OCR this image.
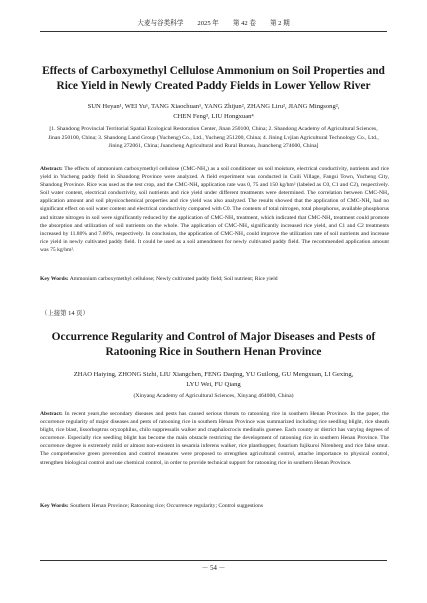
大麦与谷类科学 2025 年 第 42 卷 第 2 期
Effects of Carboxymethyl Cellulose Ammonium on Soil Properties and Rice Yield in Newly Created Paddy Fields in Lower Yellow River
SUN Heyan¹, WEI Yu¹, TANG Xiaochuan¹, YANG Zhijun², ZHANG Liru², JIANG Mingsong²,
CHEN Feng³, LIU Hongxuan⁴
[1. Shandong Provincial Territorial Spatial Ecological Restoration Center, Jinan 250100, China; 2. Shandong Academy of Agricultural Sciences, Jinan 250100, China; 3. Shandong Land Group (Yucheng) Co., Ltd., Yucheng 251200, China; 4. Jining Lvjian Agricultural Technology Co., Ltd., Jining 272061, China; Juancheng Agricultural and Rural Bureau, Juancheng 274600, China]
Abstract: The effects of ammonium carboxymethyl cellulose (CMC-NH₄) as a soil conditioner on soil moisture, electrical conductivity, nutrients and rice yield in Yucheng paddy field in Shandong Province were analyzed. A field experiment was conducted in Cuili Village, Fangsi Town, Yucheng City, Shandong Province. Rice was used as the test crop, and the CMC-NH₄ application rate was 0, 75 and 150 kg/hm² (labeled as C0, C1 and C2), respectively. Soil water content, electrical conductivity, soil nutrients and rice yield under different treatments were determined. The correlation between CMC-NH₄ application amount and soil physicochemical properties and rice yield was also analyzed. The results showed that the application of CMC-NH₄ had no significant effect on soil water content and electrical conductivity compared with C0. The contents of total nitrogen, total phosphorus, available phosphorus and nitrate nitrogen in soil were significantly reduced by the application of CMC-NH₄ treatment, which indicated that CMC-NH₄ treatment could promote the absorption and utilization of soil nutrients on the whole. The application of CMC-NH₄ significantly increased rice yield, and C1 and C2 treatments increased by 11.80% and 7.60%, respectively. In conclusion, the application of CMC-NH₄ could improve the utilization rate of soil nutrients and increase rice yield in newly cultivated paddy field. It could be used as a soil amendment for newly cultivated paddy field. The recommended application amount was 75 kg/hm².
Key Words: Ammonium carboxymethyl cellulose; Newly cultivated paddy field; Soil nutrient; Rice yield
（上接第 14 页）
Occurrence Regularity and Control of Major Diseases and Pests of Ratooning Rice in Southern Henan Province
ZHAO Haiying, ZHONG Sizhi, LIU Xiangchen, FENG Daqing, YU Guilong, GU Mengxuan, LI Gexing,
LYU Wei, FU Qiang
(Xinyang Academy of Agricultural Sciences, Xinyang 464000, China)
Abstract: In recent years,the secondary diseases and pests has caused serious threats to ratooning rice in southern Henan Province. In the paper, the occurrence regularity of major diseases and pests of ratooning rice in southern Henan Province was summarized including rice seedling blight, rice sheath blight, rice blast, lissorhoptrus oryzophilus, chilo suppressalis walker and cnaphalocrocis medinalis guenee. Each county or district has varying degrees of occurrence. Especially rice seedling blight has become the main obstacle restricting the development of ratooning rice in southern Henan Province. The occurrence degree is extremely mild or almost non-existent in sesamia inferens walker, rice planthopper, fusarium fujikuroi Nirenberg and rice false smut. The comprehensive green prevention and control measures were proposed to strengthen agricultural control, attache importance to physical control, strengthen biological control and use chemical control, in order to provide technical support for ratooning rice in southern Henan Province.
Key Words: Southern Henan Province; Ratooning rice; Occurrence regularity; Control suggestions
－ 54 －
